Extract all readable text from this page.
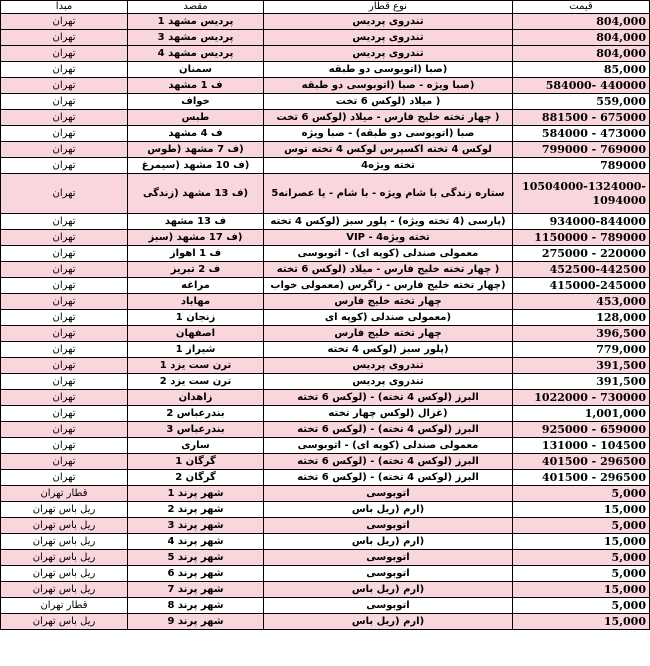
قیمت	نوع قطار	مقصد	مبدا
804,000	تندروی پردیس	پردیس مشهد 1	تهران
804,000	تندروی پردیس	پردیس مشهد 3	تهران
804,000	تندروی پردیس	پردیس مشهد 4	تهران
85,000	(صبا (اتوبوسی دو طبقه	سمنان	تهران
584000- 440000	(صبا ویژه - صبا (اتوبوسی دو طبقه	ف 1 مشهد	تهران
559,000	( میلاد (لوکس 6 تخت	خواف	تهران
881500 - 675000	( چهار تخته خلیج فارس - میلاد (لوکس 6 تخت	طبس	تهران
584000 - 473000	صبا (اتوبوسی دو طبقه) - صبا ویژه	ف 4 مشهد	تهران
799000 - 769000	لوکس 4 تخته اکسپرس لوکس 4 تخته توس	(ف 7 مشهد (طوس	تهران
789000	تخته ویژه4	(ف 10 مشهد (سیمرغ	تهران
10504000-1324000-1094000	ستاره زندگی با شام ویژه - با شام - یا عصرانه5	(ف 13 مشهد (زندگی	تهران
934000-844000	(پارسی (4 تخته ویژه) - پلور سبز (لوکس 4 تخته	ف 13 مشهد	تهران
1150000 - 789000	تخته ویژه4 - VIP	(ف 17 مشهد (سبز	تهران
275000 - 220000	معمولی صندلی (کوپه ای) - اتوبوسی	ف 1 اهواز	تهران
452500-442500	( چهار تخته خلیج فارس - میلاد (لوکس 6 تخته	ف 2 تبریز	تهران
415000-245000	(چهار تخته خلیج فارس - زاگرس (معمولی خواب	مراغه	تهران
453,000	چهار تخته خلیج فارس	مهاباد	تهران
128,000	(معمولی صندلی (کوپه ای	زنجان 1	تهران
396,500	چهار تخته خلیج فارس	اصفهان	تهران
779,000	(پلور سبز (لوکس 4 تخته	شیراز 1	تهران
391,500	تندروی پردیس	ترن ست یزد 1	تهران
391,500	تندروی پردیس	ترن ست یزد 2	تهران
1022000 - 730000	البرز (لوکس 4 تخته) - (لوکس 6 تخته	زاهدان	تهران
1,001,000	(غزال (لوکس چهار تخته	بندرعباس 2	تهران
925000 - 659000	البرز (لوکس 4 تخته) - (لوکس 6 تخته	بندرعباس 3	تهران
131000 - 104500	معمولی صندلی (کوپه ای) - اتوبوسی	ساری	تهران
401500 - 296500	البرز (لوکس 4 تخته) - (لوکس 6 تخته	گرگان 1	تهران
401500 - 296500	البرز (لوکس 4 تخته) - (لوکس 6 تخته	گرگان 2	تهران
5,000	اتوبوسی	شهر پرند 1	قطار تهران
15,000	(ارم (ریل باس	شهر پرند 2	ریل باس تهران
5,000	اتوبوسی	شهر پرند 3	ریل باس تهران
15,000	(ارم (ریل باس	شهر پرند 4	ریل باس تهران
5,000	اتوبوسی	شهر پرند 5	ریل باس تهران
5,000	اتوبوسی	شهر پرند 6	ریل باس تهران
15,000	(ارم (ریل باس	شهر پرند 7	ریل باس تهران
5,000	اتوبوسی	شهر پرند 8	قطار تهران
15,000	(ارم (ریل باس	شهر پرند 9	ریل باس تهران
